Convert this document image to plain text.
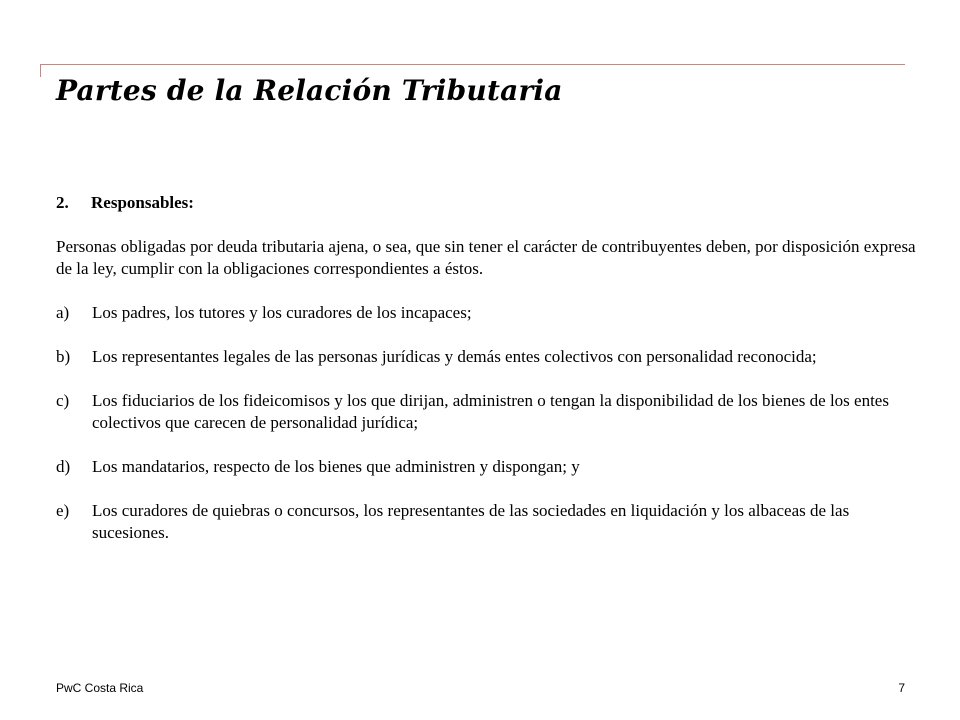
Partes de la Relación Tributaria
2.	Responsables:

Personas obligadas por deuda tributaria ajena, o sea, que sin tener el carácter de contribuyentes deben, por disposición expresa de la ley, cumplir con la obligaciones correspondientes a éstos.

a)	Los padres, los tutores y los curadores de los incapaces;
b)	Los representantes legales de las personas jurídicas y demás entes colectivos con personalidad reconocida;
c)	Los fiduciarios de los fideicomisos y los que dirijan, administren o tengan la disponibilidad de los bienes de los entes colectivos que carecen de personalidad jurídica;
d)	Los mandatarios, respecto de los bienes que administren y dispongan; y
e)	Los curadores de quiebras o concursos, los representantes de las sociedades en liquidación y los albaceas de las sucesiones.
PwC Costa Rica	7
